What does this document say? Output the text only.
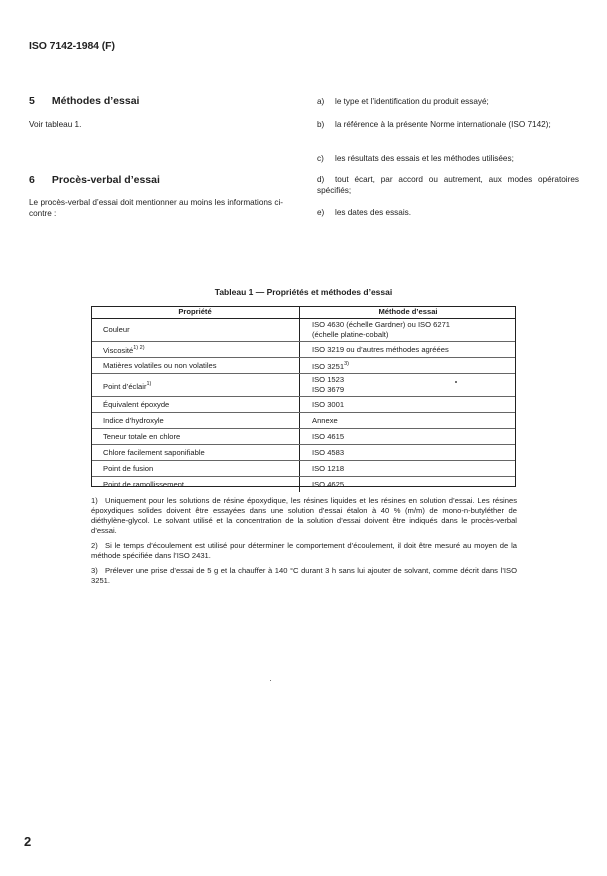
ISO 7142-1984 (F)
5 Méthodes d’essai
Voir tableau 1.
6 Procès-verbal d’essai
Le procès-verbal d’essai doit mentionner au moins les informations ci-contre :
a) le type et l’identification du produit essayé;
b) la référence à la présente Norme internationale (ISO 7142);
c) les résultats des essais et les méthodes utilisées;
d) tout écart, par accord ou autrement, aux modes opératoires spécifiés;
e) les dates des essais.
Tableau 1 — Propriétés et méthodes d’essai
Propriété	Méthode d’essai
Couleur	ISO 4630 (échelle Gardner) ou ISO 6271
(échelle platine-cobalt)
Viscosité$^{1) 2)}$	ISO 3219 ou d’autres méthodes agréées
Matières volatiles ou non volatiles	ISO 3251$^{3)}$
Point d’éclair$^{1)}$	ISO 1523
ISO 3679
Équivalent époxyde	ISO 3001
Indice d’hydroxyle	Annexe
Teneur totale en chlore	ISO 4615
Chlore facilement saponifiable	ISO 4583
Point de fusion	ISO 1218
Point de ramollissement	ISO 4625
1) Uniquement pour les solutions de résine époxydique, les résines liquides et les résines en solution d’essai. Les résines époxydiques solides doivent être essayées dans une solution d’essai étalon à 40 % (m/m) de mono-n-butyléther de diéthylène-glycol. Le solvant utilisé et la concentration de la solution d’essai doivent être indiqués dans le procès-verbal d’essai.
2) Si le temps d’écoulement est utilisé pour déterminer le comportement d’écoulement, il doit être mesuré au moyen de la méthode spécifiée dans l’ISO 2431.
3) Prélever une prise d’essai de 5 g et la chauffer à 140 °C durant 3 h sans lui ajouter de solvant, comme décrit dans l’ISO 3251.
2
